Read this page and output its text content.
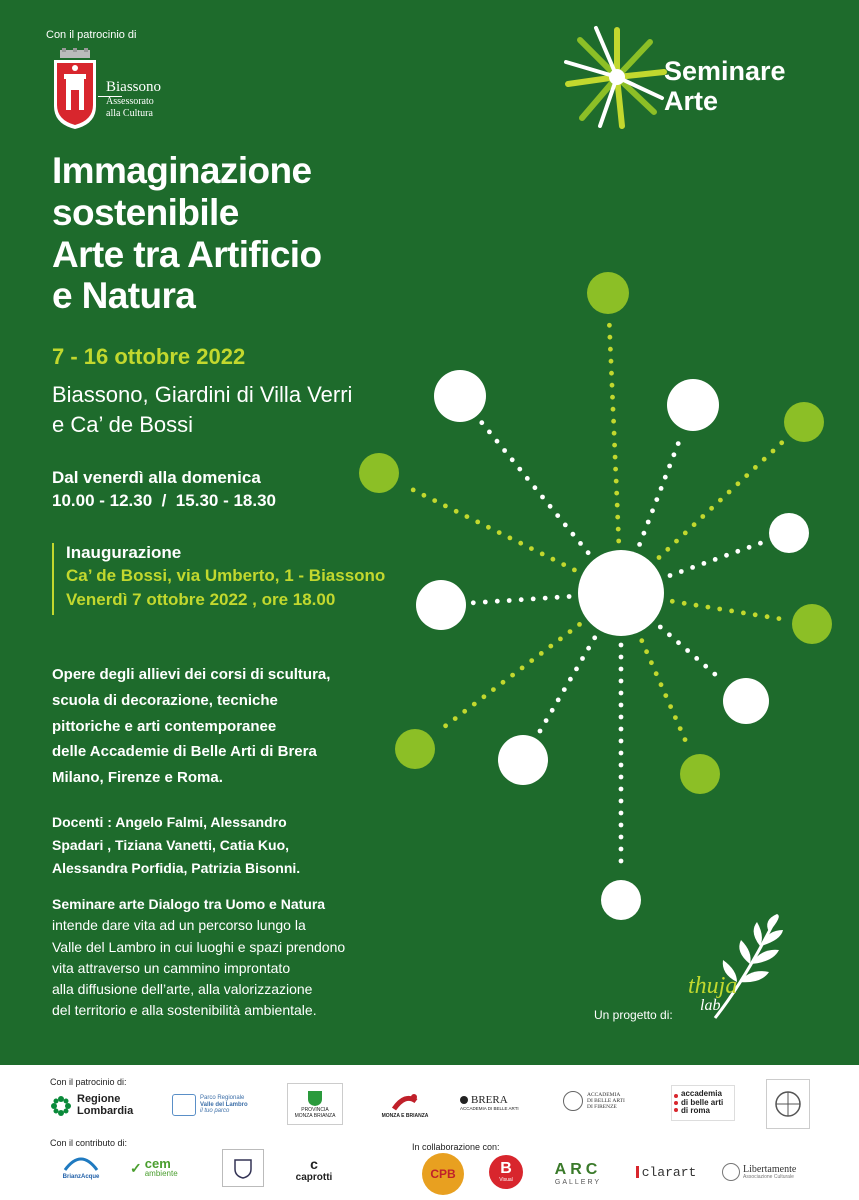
Con il patrocinio di
Biassono
Assessorato
alla Cultura
Seminare
Arte
Immaginazione
sostenibile
Arte tra Artificio
e Natura
7 - 16 ottobre 2022
Biassono, Giardini di Villa Verri
e Ca’ de Bossi
Dal venerdì alla domenica
10.00 - 12.30  /  15.30 - 18.30
Inaugurazione
Ca’ de Bossi, via Umberto, 1 - Biassono
Venerdì 7 ottobre 2022 , ore 18.00
Opere degli allievi dei corsi di scultura,
scuola di decorazione, tecniche
pittoriche e arti contemporanee
delle Accademie di Belle Arti di Brera
Milano, Firenze e Roma.
Docenti : Angelo Falmi, Alessandro
Spadari , Tiziana Vanetti, Catia Kuo,
Alessandra Porfidia, Patrizia Bisonni.
Seminare arte Dialogo tra Uomo e Natura
intende dare vita ad un percorso lungo la
Valle del Lambro in cui luoghi e spazi prendono
vita attraverso un cammino improntato
alla diffusione dell’arte, alla valorizzazione
del territorio e alla sostenibilità ambientale.
thuja
lab
Un progetto di:
Con il patrocinio di:
Con il contributo di:	In collaborazione con:
Regione
Lombardia
Parco Regionale
Valle del Lambro
il tuo parco	PROVINCIA
MONZA BRIANZA	MONZA E BRIANZA
BRERA
ACCADEMIA DI BELLE ARTI
ACCADEMIA
DI BELLE ARTI
DI FIRENZE
accademia
di belle arti
di roma
BrianzAcque
✓ cem
ambiente
c
caprotti	CPB	B
Visual
ARC
GALLERY
clarart	Libertamente
Associazione Culturale
